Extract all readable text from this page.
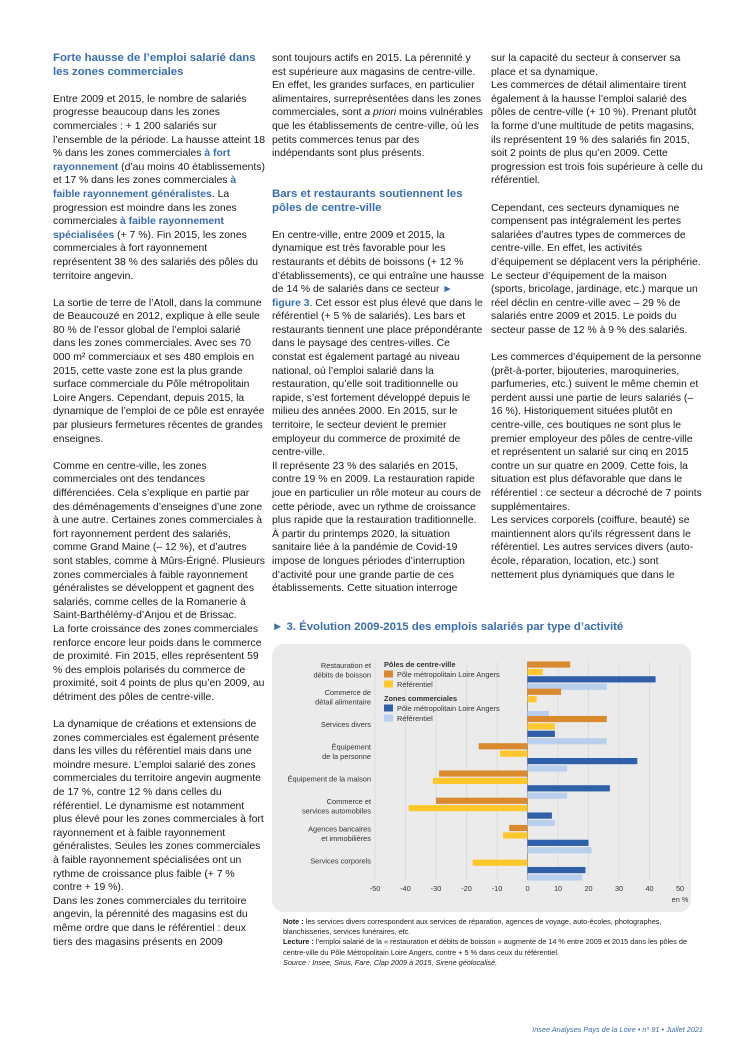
Forte hausse de l’emploi salarié dans les zones commerciales

Entre 2009 et 2015, le nombre de salariés progresse beaucoup dans les zones commerciales : + 1 200 salariés sur l’ensemble de la période. La hausse atteint 18 % dans les zones commerciales à fort rayonnement (d’au moins 40 établissements) et 17 % dans les zones commerciales à faible rayonnement généralistes. La progression est moindre dans les zones commerciales à faible rayonnement spécialisées (+ 7 %). Fin 2015, les zones commerciales à fort rayonnement représentent 38 % des salariés des pôles du territoire angevin.

La sortie de terre de l’Atoll, dans la commune de Beaucouzé en 2012, explique à elle seule 80 % de l’essor global de l’emploi salarié dans les zones commerciales. Avec ses 70 000 m² commerciaux et ses 480 emplois en 2015, cette vaste zone est la plus grande surface commerciale du Pôle métropolitain Loire Angers. Cependant, depuis 2015, la dynamique de l’emploi de ce pôle est enrayée par plusieurs fermetures récentes de grandes enseignes.

Comme en centre-ville, les zones commerciales ont des tendances différenciées. Cela s’explique en partie par des déménagements d’enseignes d’une zone à une autre. Certaines zones commerciales à fort rayonnement perdent des salariés, comme Grand Maine (– 12 %), et d’autres sont stables, comme à Mûrs-Érigné. Plusieurs zones commerciales à faible rayonnement généralistes se développent et gagnent des salariés, comme celles de la Romanerie à Saint-Barthélémy-d’Anjou et de Brissac.

La forte croissance des zones commerciales renforce encore leur poids dans le commerce de proximité. Fin 2015, elles représentent 59 % des emplois polarisés du commerce de proximité, soit 4 points de plus qu’en 2009, au détriment des pôles de centre-ville.

La dynamique de créations et extensions de zones commerciales est également présente dans les villes du référentiel mais dans une moindre mesure. L’emploi salarié des zones commerciales du territoire angevin augmente de 17 %, contre 12 % dans celles du référentiel. Le dynamisme est notamment plus élevé pour les zones commerciales à fort rayonnement et à faible rayonnement généralistes. Seules les zones commerciales à faible rayonnement spécialisées ont un rythme de croissance plus faible (+ 7 % contre + 19 %).

Dans les zones commerciales du territoire angevin, la pérennité des magasins est du même ordre que dans le référentiel : deux tiers des magasins présents en 2009

sont toujours actifs en 2015. La pérennité y est supérieure aux magasins de centre-ville. En effet, les grandes surfaces, en particulier alimentaires, surreprésentées dans les zones commerciales, sont a priori moins vulnérables que les établissements de centre-ville, où les petits commerces tenus par des indépendants sont plus présents.

Bars et restaurants soutiennent les pôles de centre-ville

En centre-ville, entre 2009 et 2015, la dynamique est très favorable pour les restaurants et débits de boissons (+ 12 % d’établissements), ce qui entraîne une hausse de 14 % de salariés dans ce secteur ► figure 3. Cet essor est plus élevé que dans le référentiel (+ 5 % de salariés). Les bars et restaurants tiennent une place prépondérante dans le paysage des centres-villes. Ce constat est également partagé au niveau national, où l’emploi salarié dans la restauration, qu’elle soit traditionnelle ou rapide, s’est fortement développé depuis le milieu des années 2000. En 2015, sur le territoire, le secteur devient le premier employeur du commerce de proximité de centre-ville.

Il représente 23 % des salariés en 2015, contre 19 % en 2009. La restauration rapide joue en particulier un rôle moteur au cours de cette période, avec un rythme de croissance plus rapide que la restauration traditionnelle. À partir du printemps 2020, la situation sanitaire liée à la pandémie de Covid-19 impose de longues périodes d’interruption d’activité pour une grande partie de ces établissements. Cette situation interroge

sur la capacité du secteur à conserver sa place et sa dynamique.

Les commerces de détail alimentaire tirent également à la hausse l’emploi salarié des pôles de centre-ville (+ 10 %). Prenant plutôt la forme d’une multitude de petits magasins, ils représentent 19 % des salariés fin 2015, soit 2 points de plus qu’en 2009. Cette progression est trois fois supérieure à celle du référentiel.

Cependant, ces secteurs dynamiques ne compensent pas intégralement les pertes salariées d’autres types de commerces de centre-ville. En effet, les activités d’équipement se déplacent vers la périphérie. Le secteur d’équipement de la maison (sports, bricolage, jardinage, etc.) marque un réel déclin en centre-ville avec – 29 % de salariés entre 2009 et 2015. Le poids du secteur passe de 12 % à 9 % des salariés.

Les commerces d’équipement de la personne (prêt-à-porter, bijouteries, maroquineries, parfumeries, etc.) suivent le même chemin et perdent aussi une partie de leurs salariés (– 16 %). Historiquement situées plutôt en centre-ville, ces boutiques ne sont plus le premier employeur des pôles de centre-ville et représentent un salarié sur cinq en 2015 contre un sur quatre en 2009. Cette fois, la situation est plus défavorable que dans le référentiel : ce secteur a décroché de 7 points supplémentaires.

Les services corporels (coiffure, beauté) se maintiennent alors qu’ils régressent dans le référentiel. Les autres services divers (auto-école, réparation, location, etc.) sont nettement plus dynamiques que dans le

► 3. Évolution 2009-2015 des emplois salariés par type d’activité
-50	-40	-30	-20	-10	0	10	20	30	40	50
en %
Restauration et
débits de boisson
Commerce de
détail alimentaire
Services divers
Équipement
de la personne
Équipement de la maison
Commerce et
services automobiles
Agences bancaires
et immobilières
Services corporels
Pôles de centre-ville
Pôle métropolitain Loire Angers
Référentiel
Zones commerciales
Pôle métropolitain Loire Angers
Référentiel

Note : les services divers correspondent aux services de réparation, agences de voyage, auto-écoles, photographes, blanchisseries, services funéraires, etc.

Lecture : l’emploi salarié de la « restauration et débits de boisson » augmente de 14 % entre 2009 et 2015 dans les pôles de centre-ville du Pôle Métropolitain Loire Angers, contre + 5 % dans ceux du référentiel.

Source : Insee, Sirus, Fare, Clap 2009 à 2015, Sirene géolocalisé.

Insee Analyses Pays de la Loire • n° 91 • Juillet 2021
